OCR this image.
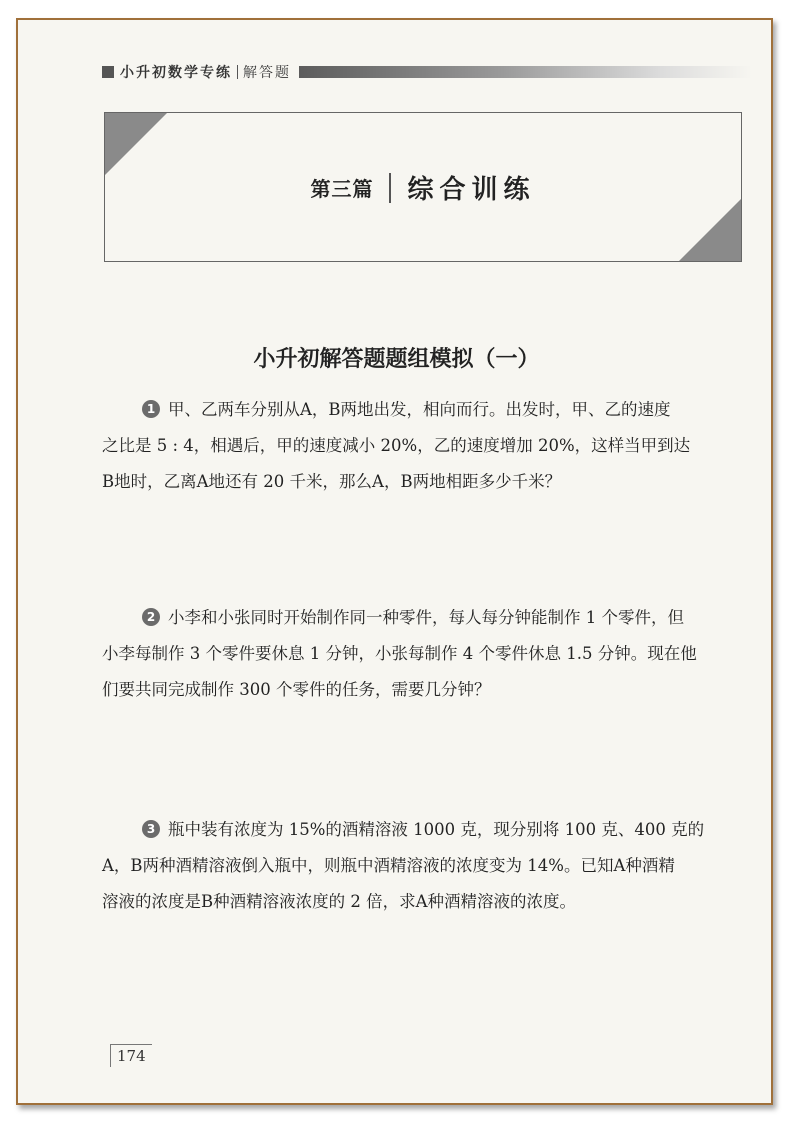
小升初数学专练 解答题
第三篇 综合训练
小升初解答题题组模拟（一）
1 甲、乙两车分别从A，B两地出发，相向而行。出发时，甲、乙的速度
之比是 5 : 4，相遇后，甲的速度减小 20%，乙的速度增加 20%，这样当甲到达
B地时，乙离A地还有 20 千米，那么A，B两地相距多少千米？
2 小李和小张同时开始制作同一种零件，每人每分钟能制作 1 个零件，但
小李每制作 3 个零件要休息 1 分钟，小张每制作 4 个零件休息 1.5 分钟。现在他
们要共同完成制作 300 个零件的任务，需要几分钟？
3 瓶中装有浓度为 15%的酒精溶液 1000 克，现分别将 100 克、400 克的
A，B两种酒精溶液倒入瓶中，则瓶中酒精溶液的浓度变为 14%。已知A种酒精
溶液的浓度是B种酒精溶液浓度的 2 倍，求A种酒精溶液的浓度。
174
